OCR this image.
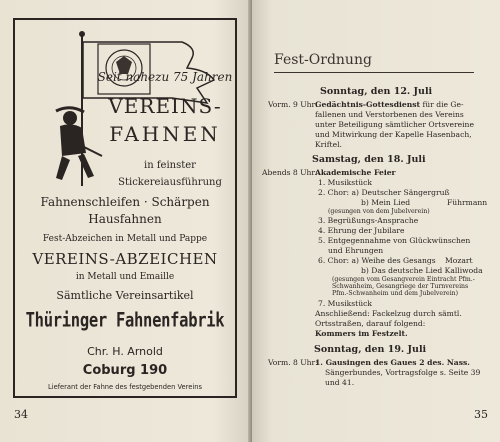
34
Seit nahezu 75 Jahren
VEREINS-
FAHNEN
in feinster
Stickereiausführung
Fahnenschleifen · Schärpen
Hausfahnen
Fest-Abzeichen in Metall und Pappe
VEREINS-ABZEICHEN
in Metall und Emaille
Sämtliche Vereinsartikel
Thüringer Fahnenfabrik
Chr. H. Arnold
Coburg 190
Lieferant der Fahne des festgebenden Vereins
Fest-Ordnung
Sonntag, den 12. Juli
Vorm. 9 Uhr:
Gedächtnis-Gottesdienst für die Ge-
fallenen und Verstorbenen des Vereins
unter Beteiligung sämtlicher Ortsvereine
und Mitwirkung der Kapelle Hasenbach,
Kriftel.
Samstag, den 18. Juli
Abends 8 Uhr:
Akademische Feier
1. Musikstück
2. Chor: a) Deutscher Sängergruß
b) Mein Lied	Führmann
(gesungen von dem Jubelverein)
3. Begrüßungs-Ansprache
4. Ehrung der Jubilare
5. Entgegennahme von Glückwünschen
und Ehrungen
6. Chor: a) Weihe des Gesangs Mozart
b) Das deutsche Lied Kalliwoda
(gesungen vom Gesangverein Eintracht Pfm.-
Schwanheim, Gesangriege der Turnvereins
Pfm.-Schwanheim und dem Jubelverein)
7. Musikstück
Anschließend: Fackelzug durch sämtl.
Ortsstraßen, darauf folgend:
Kommers im Festzelt.
Sonntag, den 19. Juli
Vorm. 8 Uhr:
1. Gausingen des Gaues 2 des. Nass.
Sängerbundes, Vortragsfolge s. Seite 39
und 41.
35
